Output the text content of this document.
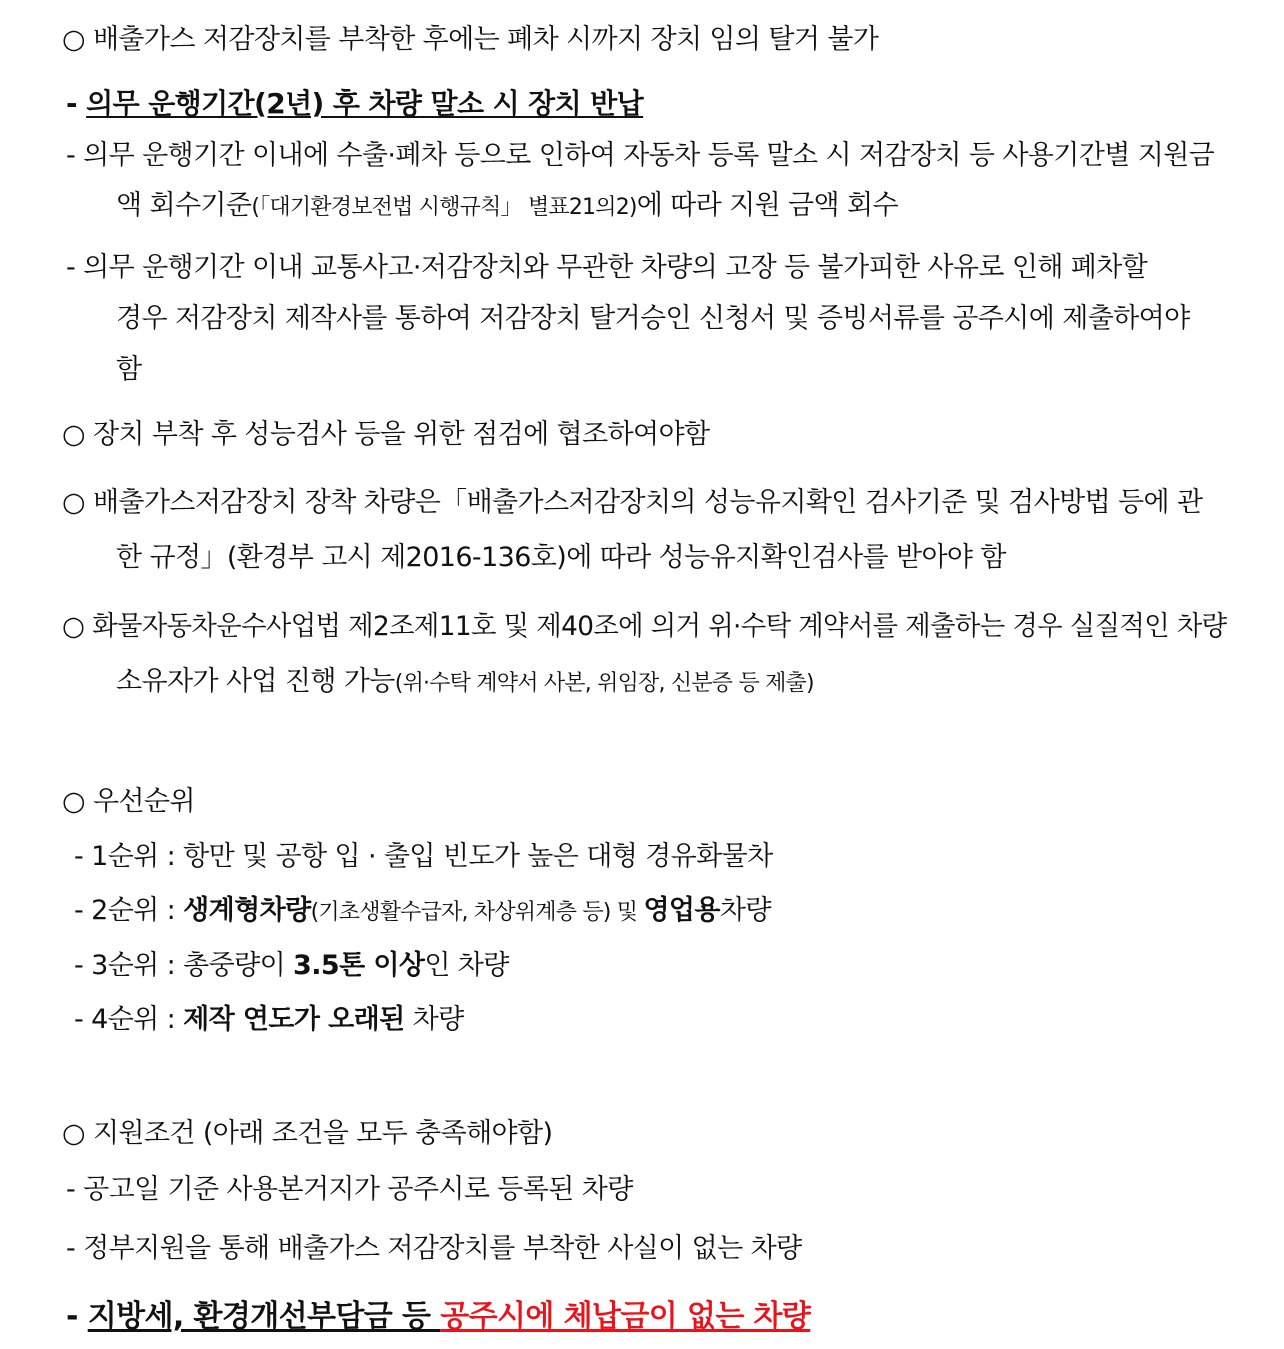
○ 배출가스 저감장치를 부착한 후에는 폐차 시까지 장치 임의 탈거 불가
- 의무 운행기간(2년) 후 차량 말소 시 장치 반납
- 의무 운행기간 이내에 수출·폐차 등으로 인하여 자동차 등록 말소 시 저감장치 등 사용기간별 지원금
액 회수기준(「대기환경보전법 시행규칙」 별표21의2)에 따라 지원 금액 회수
- 의무 운행기간 이내 교통사고·저감장치와 무관한 차량의 고장 등 불가피한 사유로 인해 폐차할
경우 저감장치 제작사를 통하여 저감장치 탈거승인 신청서 및 증빙서류를 공주시에 제출하여야
함
○ 장치 부착 후 성능검사 등을 위한 점검에 협조하여야함
○ 배출가스저감장치 장착 차량은「배출가스저감장치의 성능유지확인 검사기준 및 검사방법 등에 관
한 규정」(환경부 고시 제2016-136호)에 따라 성능유지확인검사를 받아야 함
○ 화물자동차운수사업법 제2조제11호 및 제40조에 의거 위·수탁 계약서를 제출하는 경우 실질적인 차량
소유자가 사업 진행 가능(위·수탁 계약서 사본, 위임장, 신분증 등 제출)
○ 우선순위
- 1순위 : 항만 및 공항 입 · 출입 빈도가 높은 대형 경유화물차
- 2순위 : 생계형차량(기초생활수급자, 차상위계층 등) 및 영업용차량
- 3순위 : 총중량이 3.5톤 이상인 차량
- 4순위 : 제작 연도가 오래된 차량
○ 지원조건 (아래 조건을 모두 충족해야함)
- 공고일 기준 사용본거지가 공주시로 등록된 차량
- 정부지원을 통해 배출가스 저감장치를 부착한 사실이 없는 차량
- 지방세, 환경개선부담금 등 공주시에 체납금이 없는 차량
